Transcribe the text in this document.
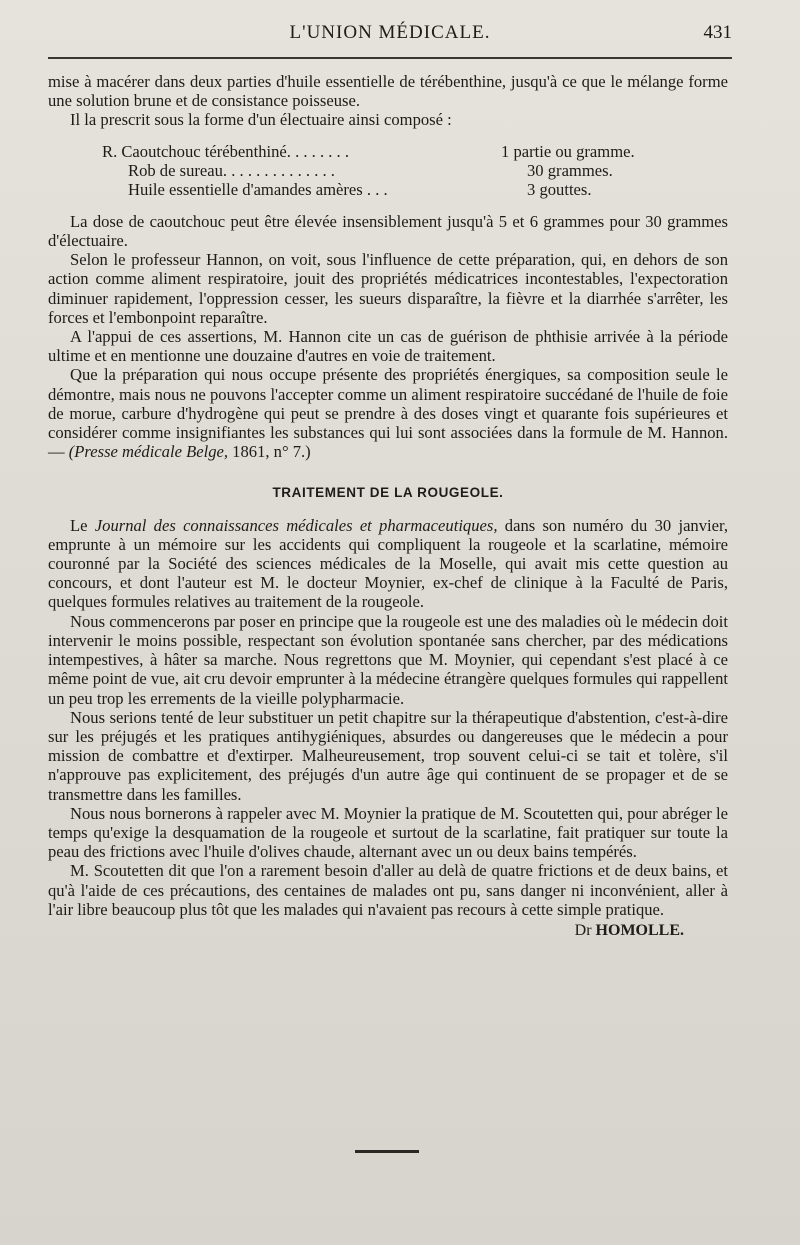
L'UNION MÉDICALE.	431

mise à macérer dans deux parties d'huile essentielle de térébenthine, jusqu'à ce que le mélange forme une solution brune et de consistance poisseuse.

Il la prescrit sous la forme d'un électuaire ainsi composé :

R. Caoutchouc térébenthiné. . . . . . . .	1 partie ou gramme.
Rob de sureau. . . . . . . . . . . . . .	30 grammes.
Huile essentielle d'amandes amères . . .	3 gouttes.

La dose de caoutchouc peut être élevée insensiblement jusqu'à 5 et 6 grammes pour 30 grammes d'électuaire.

Selon le professeur Hannon, on voit, sous l'influence de cette préparation, qui, en dehors de son action comme aliment respiratoire, jouit des propriétés médicatrices incontestables, l'expectoration diminuer rapidement, l'oppression cesser, les sueurs disparaître, la fièvre et la diarrhée s'arrêter, les forces et l'embonpoint reparaître.

A l'appui de ces assertions, M. Hannon cite un cas de guérison de phthisie arrivée à la période ultime et en mentionne une douzaine d'autres en voie de traitement.

Que la préparation qui nous occupe présente des propriétés énergiques, sa composition seule le démontre, mais nous ne pouvons l'accepter comme un aliment respiratoire succédané de l'huile de foie de morue, carbure d'hydrogène qui peut se prendre à des doses vingt et quarante fois supérieures et considérer comme insignifiantes les substances qui lui sont associées dans la formule de M. Hannon. — (Presse médicale Belge, 1861, n° 7.)

TRAITEMENT DE LA ROUGEOLE.

Le Journal des connaissances médicales et pharmaceutiques, dans son numéro du 30 janvier, emprunte à un mémoire sur les accidents qui compliquent la rougeole et la scarlatine, mémoire couronné par la Société des sciences médicales de la Moselle, qui avait mis cette question au concours, et dont l'auteur est M. le docteur Moynier, ex-chef de clinique à la Faculté de Paris, quelques formules relatives au traitement de la rougeole.

Nous commencerons par poser en principe que la rougeole est une des maladies où le médecin doit intervenir le moins possible, respectant son évolution spontanée sans chercher, par des médications intempestives, à hâter sa marche. Nous regrettons que M. Moynier, qui cependant s'est placé à ce même point de vue, ait cru devoir emprunter à la médecine étrangère quelques formules qui rappellent un peu trop les errements de la vieille polypharmacie.

Nous serions tenté de leur substituer un petit chapitre sur la thérapeutique d'abstention, c'est-à-dire sur les préjugés et les pratiques antihygiéniques, absurdes ou dangereuses que le médecin a pour mission de combattre et d'extirper. Malheureusement, trop souvent celui-ci se tait et tolère, s'il n'approuve pas explicitement, des préjugés d'un autre âge qui continuent de se propager et de se transmettre dans les familles.

Nous nous bornerons à rappeler avec M. Moynier la pratique de M. Scoutetten qui, pour abréger le temps qu'exige la desquamation de la rougeole et surtout de la scarlatine, fait pratiquer sur toute la peau des frictions avec l'huile d'olives chaude, alternant avec un ou deux bains tempérés.

M. Scoutetten dit que l'on a rarement besoin d'aller au delà de quatre frictions et de deux bains, et qu'à l'aide de ces précautions, des centaines de malades ont pu, sans danger ni inconvénient, aller à l'air libre beaucoup plus tôt que les malades qui n'avaient pas recours à cette simple pratique.

Dr HOMOLLE.
